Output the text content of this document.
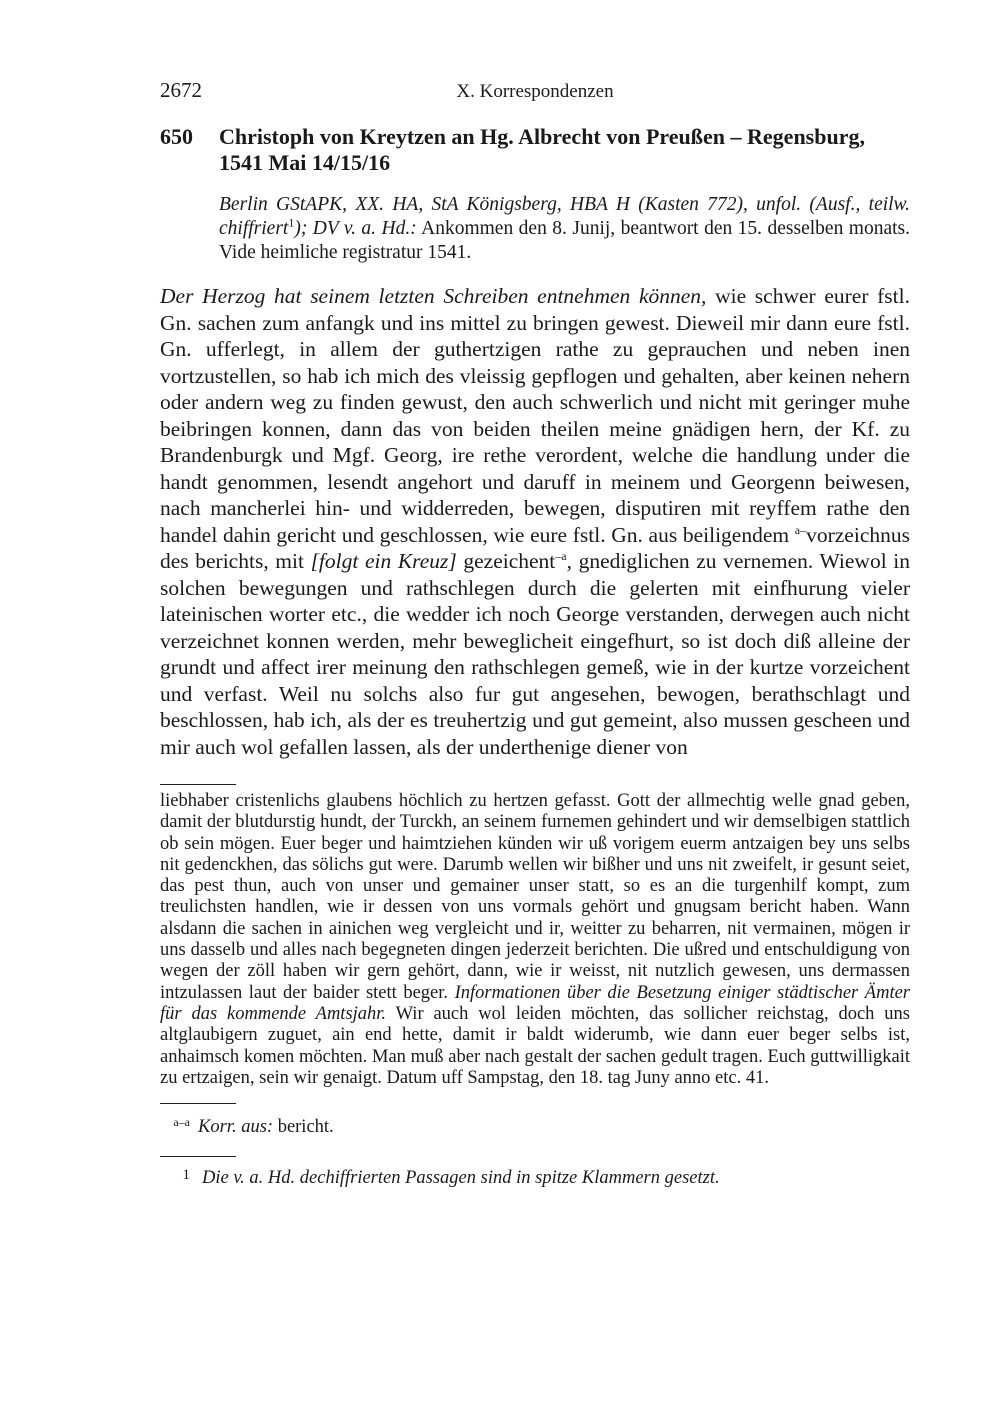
2672	X. Korrespondenzen
650	Christoph von Kreytzen an Hg. Albrecht von Preußen – Regensburg, 1541 Mai 14/15/16
Berlin GStAPK, XX. HA, StA Königsberg, HBA H (Kasten 772), unfol. (Ausf., teilw. chiffriert$^1$); DV v. a. Hd.: Ankommen den 8. Junij, beantwort den 15. desselben monats. Vide heimliche registratur 1541.
Der Herzog hat seinem letzten Schreiben entnehmen können, wie schwer eurer fstl. Gn. sachen zum anfangk und ins mittel zu bringen gewest. Dieweil mir dann eure fstl. Gn. ufferlegt, in allem der guthertzigen rathe zu geprauchen und neben inen vortzustellen, so hab ich mich des vleissig gepflogen und gehalten, aber keinen nehern oder andern weg zu finden gewust, den auch schwerlich und nicht mit geringer muhe beibringen konnen, dann das von beiden theilen meine gnädigen hern, der Kf. zu Brandenburgk und Mgf. Georg, ire rethe verordent, welche die handlung under die handt genommen, lesendt angehort und daruff in meinem und Georgenn beiwesen, nach mancherlei hin- und widderreden, bewegen, disputiren mit reyffem rathe den handel dahin gericht und geschlossen, wie eure fstl. Gn. aus beiligendem $^{a-}$vorzeichnus des berichts, mit [folgt ein Kreuz] gezeichent$^{-a}$, gnediglichen zu vernemen. Wiewol in solchen bewegungen und rathschlegen durch die gelerten mit einfhurung vieler lateinischen worter etc., die wedder ich noch George verstanden, derwegen auch nicht verzeichnet konnen werden, mehr beweglicheit eingefhurt, so ist doch diß alleine der grundt und affect irer meinung den rathschlegen gemeß, wie in der kurtze vorzeichent und verfast. Weil nu solchs also fur gut angesehen, bewogen, berathschlagt und beschlossen, hab ich, als der es treuhertzig und gut gemeint, also mussen gescheen und mir auch wol gefallen lassen, als der underthenige diener von
liebhaber cristenlichs glaubens höchlich zu hertzen gefasst. Gott der allmechtig welle gnad geben, damit der blutdurstig hundt, der Turckh, an seinem furnemen gehindert und wir demselbigen stattlich ob sein mögen. Euer beger und haimtziehen künden wir uß vorigem euerm antzaigen bey uns selbs nit gedenckhen, das sölichs gut were. Darumb wellen wir bißher und uns nit zweifelt, ir gesunt seiet, das pest thun, auch von unser und gemainer unser statt, so es an die turgenhilf kompt, zum treulichsten handlen, wie ir dessen von uns vormals gehört und gnugsam bericht haben. Wann alsdann die sachen in ainichen weg vergleicht und ir, weitter zu beharren, nit vermainen, mögen ir uns dasselb und alles nach begegneten dingen jederzeit berichten. Die ußred und entschuldigung von wegen der zöll haben wir gern gehört, dann, wie ir weisst, nit nutzlich gewesen, uns dermassen intzulassen laut der baider stett beger. Informationen über die Besetzung einiger städtischer Ämter für das kommende Amtsjahr. Wir auch wol leiden möchten, das sollicher reichstag, doch uns altglaubigern zuguet, ain end hette, damit ir baldt widerumb, wie dann euer beger selbs ist, anhaimsch komen möchten. Man muß aber nach gestalt der sachen gedult tragen. Euch guttwilligkait zu ertzaigen, sein wir genaigt. Datum uff Sampstag, den 18. tag Juny anno etc. 41.
a–a Korr. aus: bericht.
1 Die v. a. Hd. dechiffrierten Passagen sind in spitze Klammern gesetzt.
